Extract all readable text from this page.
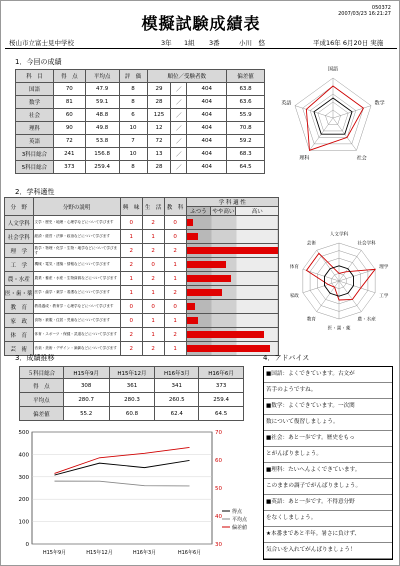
050372
2007/03/23 16:21:27
模擬試験成績表
桜山市立富士見中学校	3年 1組 3番	小川　悠	平成16年 6月20日 実施
1．今回の成績
科　目	得　点	平均点	評　価	順位／受験者数			偏差値
国語	70	47.9	8	29	／	404	63.8
数学	81	59.1	8	28	／	404	63.6
社会	60	48.8	6	125	／	404	55.9
理科	90	49.8	10	12	／	404	70.8
英語	72	53.8	7	72	／	404	59.2
3科目総合	241	156.8	10	13	／	404	68.3
5科目総合	373	259.4	8	28	／	404	64.5
国語
数学
社会
理科
英語
2．学科適性
分　野	分野の説明	興　味	生　活	教　科	学 科 適 性		
					ふつう	やや高い	高い
人文学科	文学・歴史・地理・心理学などについて学びます	0	2	0			

社会学科	経済・経営・法律・政治などについて学びます	1	1	0			

理　学	数学・物理・化学・生物・地学などについて学びます	2	2	2			

工　学	機械・電気・建築・情報などについて学びます	2	0	1			

農・水産	農業・畜産・水産・生物資源などについて学びます	1	2	1			

医・歯・薬	医学・歯学・薬学・看護などについて学びます	1	1	2			

教　育	教員養成・教育学・心理学などについて学びます	0	0	0			

家　政	食物・被服・住居・児童などについて学びます	0	1	1			

体　育	体育・スポーツ・保健・武道などについて学びます	2	1	2			

芸　術	音楽・美術・デザイン・演劇などについて学びます	2	2	1			
人文学科
社会学科
理学
工学
農・水産
医・歯・薬
教育
家政
体育
芸術
3．成績推移
５科目総合	H15年9月	H15年12月	H16年3月	H16年6月
得　点	308	361	341	373
平均点	280.7	280.3	260.5	259.4
偏差値	55.2	60.8	62.4	64.5
0
100
200
300
400
500
30
40
50
60
70
H15年9月	H15年12月	H16年3月	H16年6月
得点
平均点
偏差値
4．アドバイス
■国語：よくできています。古文が
苦手のようですね。
■数学：よくできています。一次関
数について復習しましょう。
■社会：あと一歩です。歴史をもっ
とがんばりましょう。
■理科：たいへんよくできています。
このままの調子でがんばりましょう。
■英語：あと一歩です。不得意分野
をなくしましょう。
★本番まであと半年。暑さに負けず、
気合いを入れてがんばりましょう！
